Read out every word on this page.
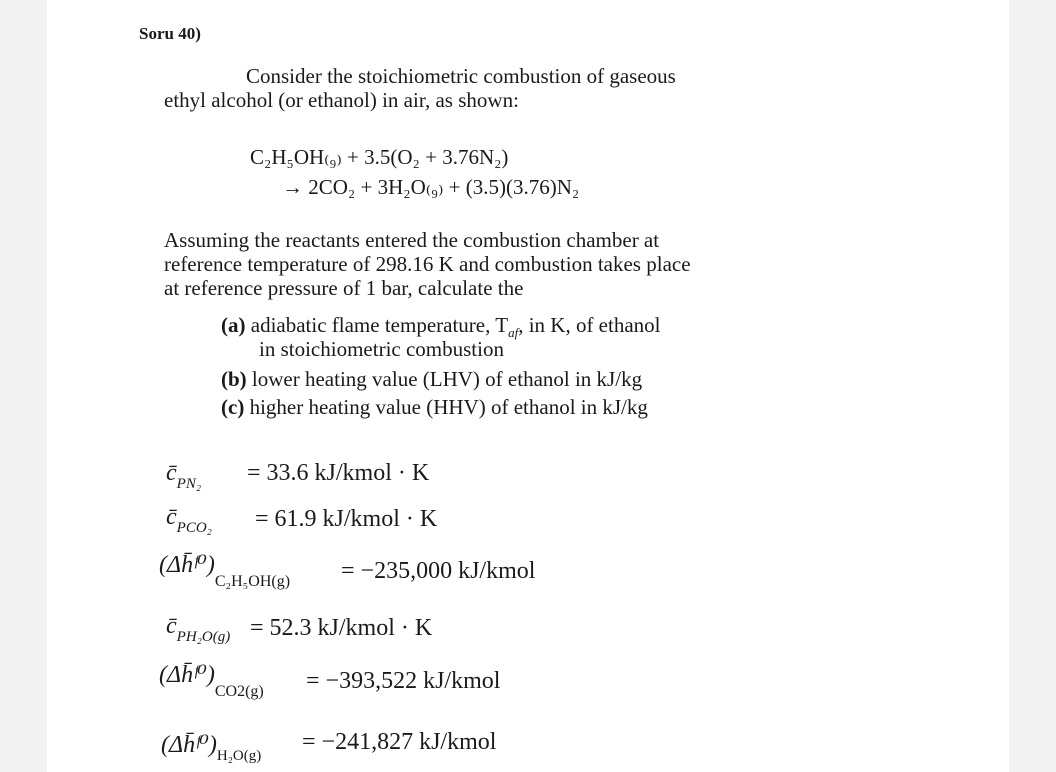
Soru 40)
Consider the stoichiometric combustion of gaseous
ethyl alcohol (or ethanol) in air, as shown:
C₂H₅OH₍₉₎ + 3.5(O₂ + 3.76N₂)
→ 2CO₂ + 3H₂O₍₉₎ + (3.5)(3.76)N₂
Assuming the reactants entered the combustion chamber at
reference temperature of 298.16 K and combustion takes place
at reference pressure of 1 bar, calculate the
(a) adiabatic flame temperature, $T_{af}$, in K, of ethanol
in stoichiometric combustion
(b) lower heating value (LHV) of ethanol in kJ/kg
(c) higher heating value (HHV) of ethanol in kJ/kg
$c̄_{PN_2} = 33.6$ kJ/kmol · K
$c̄_{PCO_2} = 61.9$ kJ/kmol · K
$(\Delta h̄ᶠ^0)_{C_2H_5OH(g)} = -235,000$ kJ/kmol
$c̄_{PH_2O(g)} = 52.3$ kJ/kmol · K
$(\Delta h̄ᶠ^0)_{CO2(g)} = -393,522$ kJ/kmol
$(\Delta h̄ᶠ^0)_{H_2O(g)}$
= −241,827 kJ/kmol
